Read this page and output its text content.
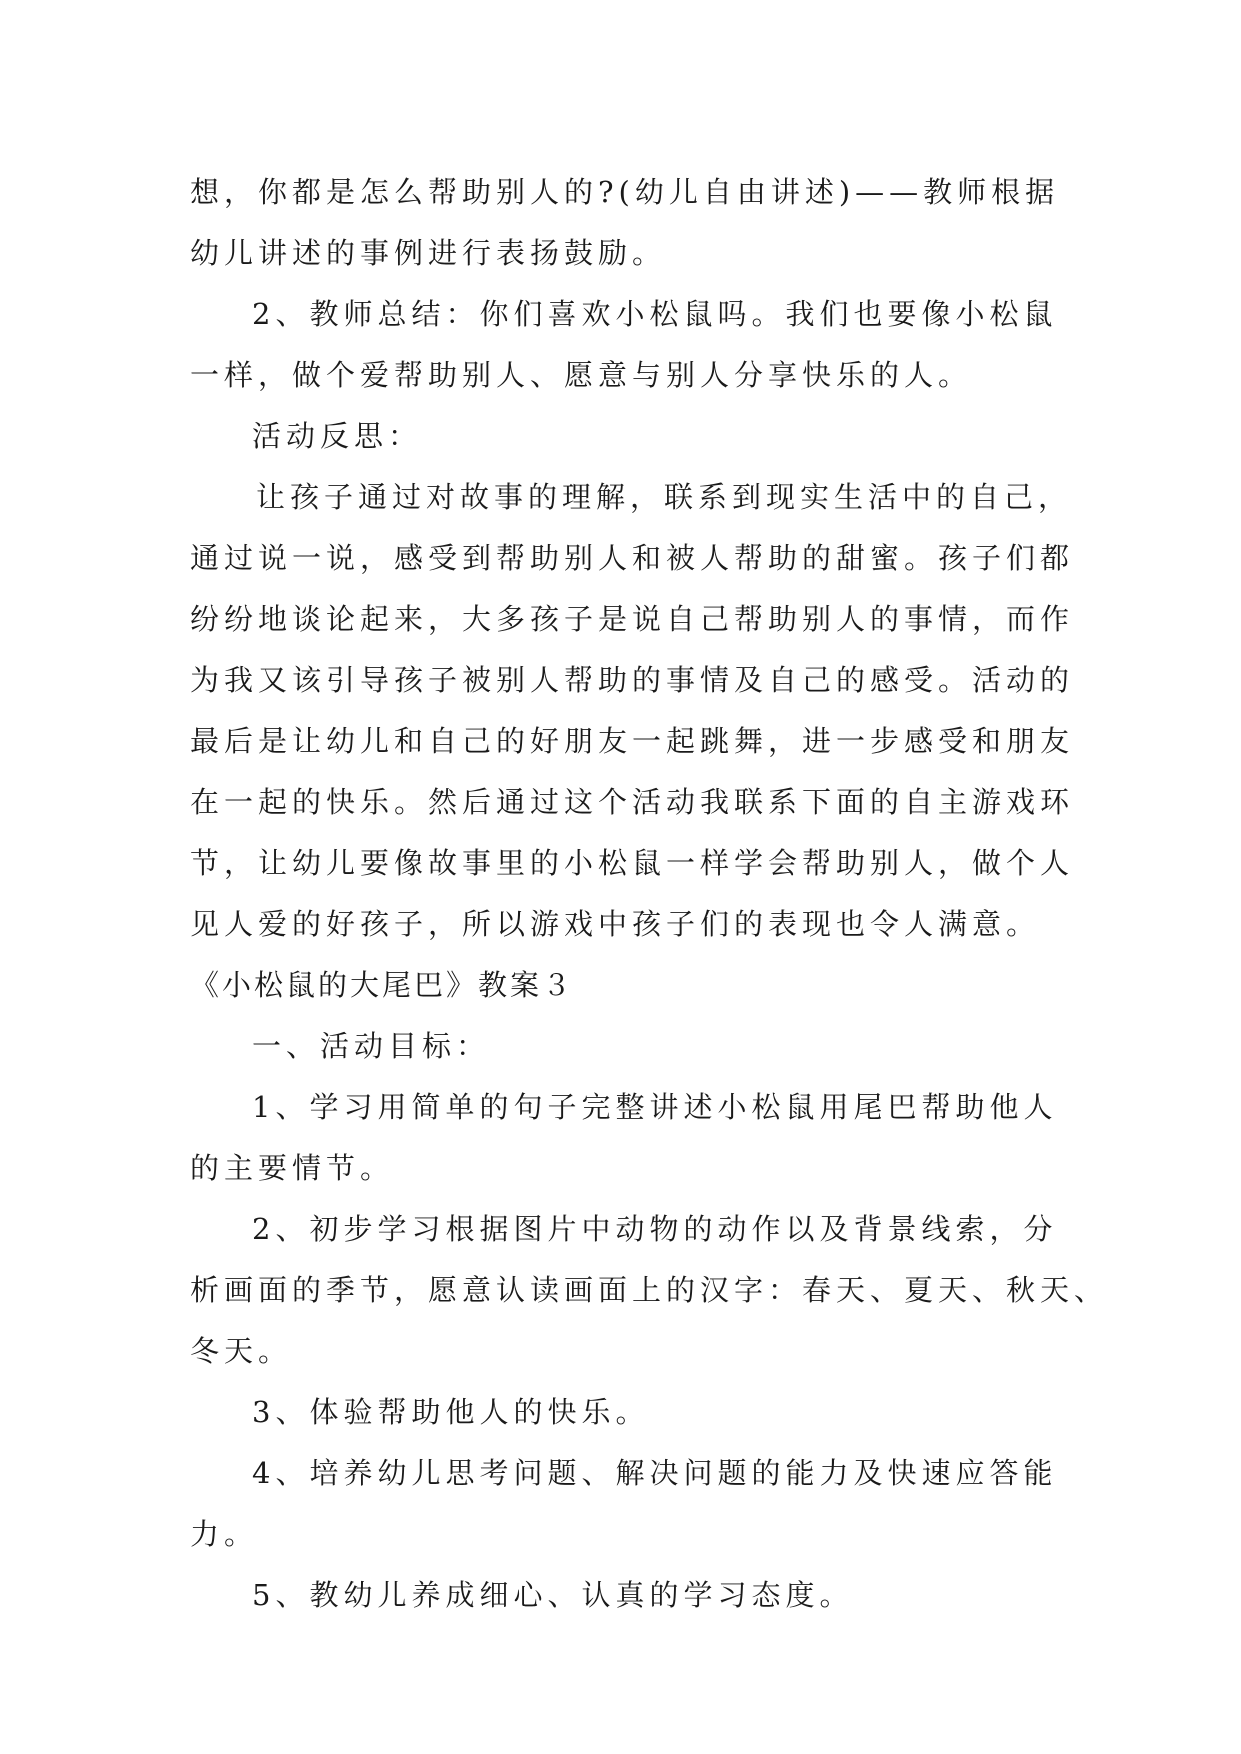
想，你都是怎么帮助别人的?(幼儿自由讲述)——教师根据
幼儿讲述的事例进行表扬鼓励。
2、教师总结：你们喜欢小松鼠吗。我们也要像小松鼠
一样，做个爱帮助别人、愿意与别人分享快乐的人。
活动反思：
让孩子通过对故事的理解，联系到现实生活中的自己，
通过说一说，感受到帮助别人和被人帮助的甜蜜。孩子们都
纷纷地谈论起来，大多孩子是说自己帮助别人的事情，而作
为我又该引导孩子被别人帮助的事情及自己的感受。活动的
最后是让幼儿和自己的好朋友一起跳舞，进一步感受和朋友
在一起的快乐。然后通过这个活动我联系下面的自主游戏环
节，让幼儿要像故事里的小松鼠一样学会帮助别人，做个人
见人爱的好孩子，所以游戏中孩子们的表现也令人满意。
《小松鼠的大尾巴》教案３
一、活动目标：
1、学习用简单的句子完整讲述小松鼠用尾巴帮助他人
的主要情节。
2、初步学习根据图片中动物的动作以及背景线索，分
析画面的季节，愿意认读画面上的汉字：春天、夏天、秋天、
冬天。
3、体验帮助他人的快乐。
4、培养幼儿思考问题、解决问题的能力及快速应答能
力。
5、教幼儿养成细心、认真的学习态度。
